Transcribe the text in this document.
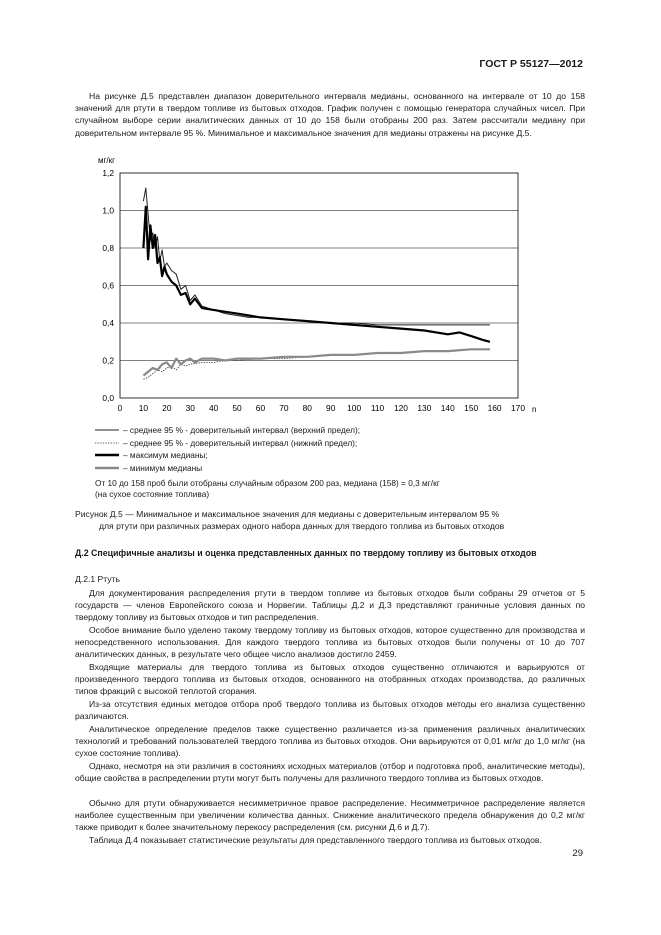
ГОСТ Р 55127—2012

На рисунке Д.5 представлен диапазон доверительного интервала медианы, основанного на интервале от 10 до 158 значений для ртути в твердом топливе из бытовых отходов. График получен с помощью генератора случайных чисел. При случайном выборе серии аналитических данных от 10 до 158 были отобраны 200 раз. Затем рассчитали медиану при доверительном интервале 95 %. Минимальное и максимальное значения для медианы отражены на рисунке Д.5.

мг/кг
n
0,0
0,2
0,4
0,6
0,8
1,0
1,2
0 10 20 30 40 50 60 70 80 90 100 110 120 130 140 150 160 170
– среднее 95 % - доверительный интервал (верхний предел);
– среднее 95 % - доверительный интервал (нижний предел);
– максимум медианы;
– минимум медианы
От 10 до 158 проб были отобраны случайным образом 200 раз, медиана (158) = 0,3 мг/кг
(на сухое состояние топлива)
Рисунок Д.5 — Минимальное и максимальное значения для медианы с доверительным интервалом 95 %
для ртути при различных размерах одного набора данных для твердого топлива из бытовых отходов
Д.2 Специфичные анализы и оценка представленных данных по твердому топливу из бытовых отходов
Д.2.1 Ртуть

Для документирования распределения ртути в твердом топливе из бытовых отходов были собраны 29 отчетов от 5 государств — членов Европейского союза и Норвегии. Таблицы Д.2 и Д.3 представляют граничные условия данных по твердому топливу из бытовых отходов и тип распределения.

Особое внимание было уделено такому твердому топливу из бытовых отходов, которое существенно для производства и непосредственного использования. Для каждого твердого топлива из бытовых отходов были получены от 10 до 707 аналитических данных, в результате чего общее число анализов достигло 2459.

Входящие материалы для твердого топлива из бытовых отходов существенно отличаются и варьируются от произведенного твердого топлива из бытовых отходов, основанного на отобранных отходах производства, до различных типов фракций с высокой теплотой сгорания.

Из-за отсутствия единых методов отбора проб твердого топлива из бытовых отходов методы его анализа существенно различаются.

Аналитическое определение пределов также существенно различается из-за применения различных аналитических технологий и требований пользователей твердого топлива из бытовых отходов. Они варьируются от 0,01 мг/кг до 1,0 мг/кг (на сухое состояние топлива).

Однако, несмотря на эти различия в состояниях исходных материалов (отбор и подготовка проб, аналитические методы), общие свойства в распределении ртути могут быть получены для различного твердого топлива из бытовых отходов.

Обычно для ртути обнаруживается несимметричное правое распределение. Несимметричное распределение является наиболее существенным при увеличении количества данных. Снижение аналитического предела обнаружения до 0,2 мг/кг также приводит к более значительному перекосу распределения (см. рисунки Д.6 и Д.7).

Таблица Д.4 показывает статистические результаты для представленного твердого топлива из бытовых отходов.

29
